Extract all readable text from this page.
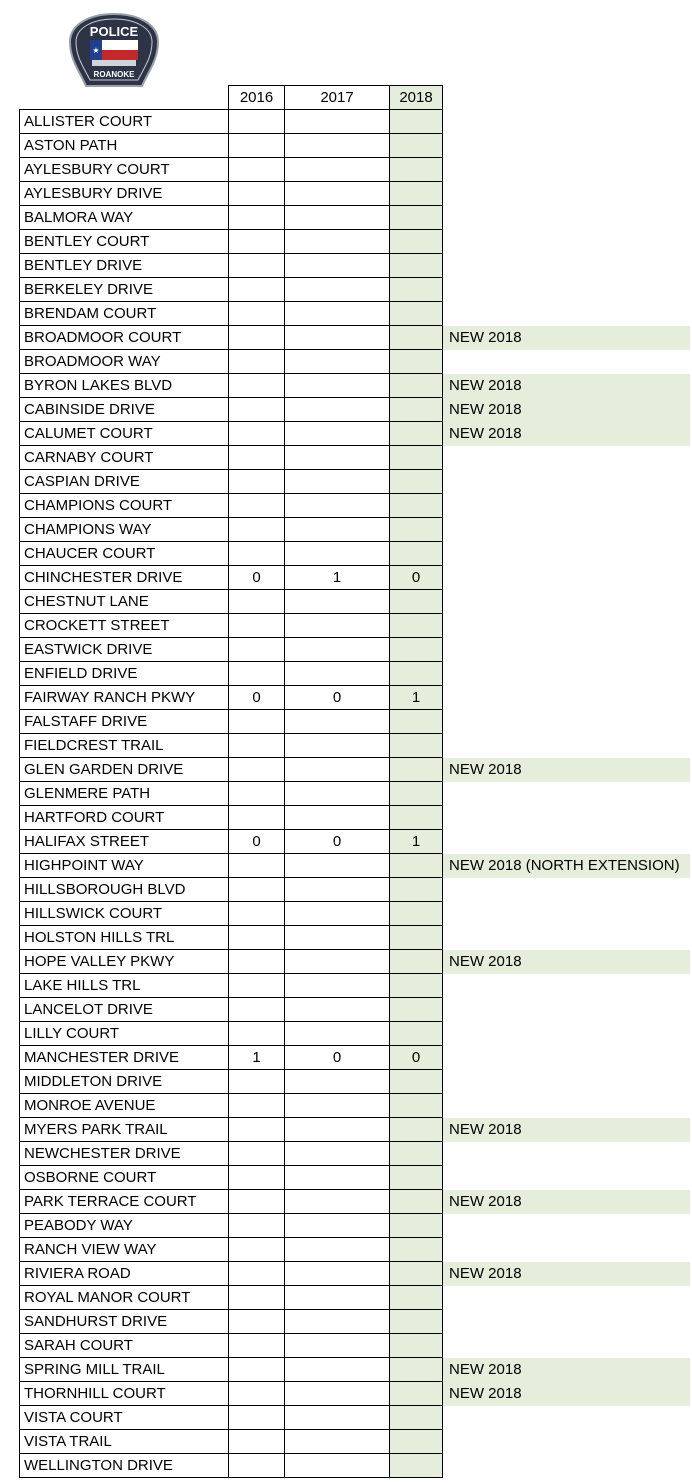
★
POLICE
ROANOKE
	2016	2017	2018	
ALLISTER COURT				
ASTON PATH				
AYLESBURY COURT				
AYLESBURY DRIVE				
BALMORA WAY				
BENTLEY COURT				
BENTLEY DRIVE				
BERKELEY DRIVE				
BRENDAM COURT				
BROADMOOR COURT				NEW 2018
BROADMOOR WAY				
BYRON LAKES BLVD				NEW 2018
CABINSIDE DRIVE				NEW 2018
CALUMET COURT				NEW 2018
CARNABY COURT				
CASPIAN DRIVE				
CHAMPIONS COURT				
CHAMPIONS WAY				
CHAUCER COURT				
CHINCHESTER DRIVE	0	1	0	
CHESTNUT LANE				
CROCKETT STREET				
EASTWICK DRIVE				
ENFIELD DRIVE				
FAIRWAY RANCH PKWY	0	0	1	
FALSTAFF DRIVE				
FIELDCREST TRAIL				
GLEN GARDEN DRIVE				NEW 2018
GLENMERE PATH				
HARTFORD COURT				
HALIFAX STREET	0	0	1	
HIGHPOINT WAY				NEW 2018 (NORTH EXTENSION)
HILLSBOROUGH BLVD				
HILLSWICK COURT				
HOLSTON HILLS TRL				
HOPE VALLEY PKWY				NEW 2018
LAKE HILLS TRL				
LANCELOT DRIVE				
LILLY COURT				
MANCHESTER DRIVE	1	0	0	
MIDDLETON DRIVE				
MONROE AVENUE				
MYERS PARK TRAIL				NEW 2018
NEWCHESTER DRIVE				
OSBORNE COURT				
PARK TERRACE COURT				NEW 2018
PEABODY WAY				
RANCH VIEW WAY				
RIVIERA ROAD				NEW 2018
ROYAL MANOR COURT				
SANDHURST DRIVE				
SARAH COURT				
SPRING MILL TRAIL				NEW 2018
THORNHILL COURT				NEW 2018
VISTA COURT				
VISTA TRAIL				
WELLINGTON DRIVE				
